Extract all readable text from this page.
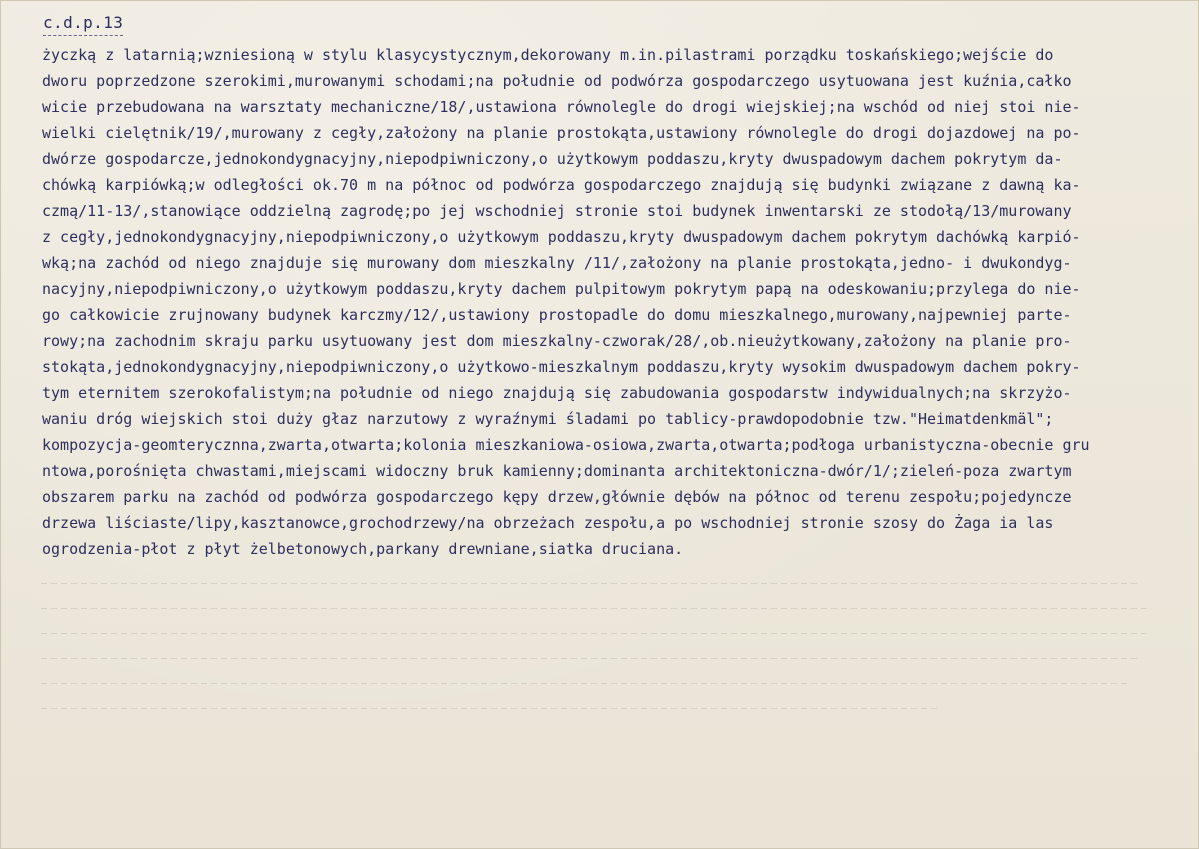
c.d.p.13
życzką z latarnią;wzniesioną w stylu klasycystycznym,dekorowany m.in.pilastrami porządku toskańskiego;wejście do
dworu poprzedzone szerokimi,murowanymi schodami;na południe od podwórza gospodarczego usytuowana jest kuźnia,całko
wicie przebudowana na warsztaty mechaniczne/18/,ustawiona równolegle do drogi wiejskiej;na wschód od niej stoi nie-
wielki cielętnik/19/,murowany z cegły,założony na planie prostokąta,ustawiony równolegle do drogi dojazdowej na po-
dwórze gospodarcze,jednokondygnacyjny,niepodpiwniczony,o użytkowym poddaszu,kryty dwuspadowym dachem pokrytym da-
chówką karpiówką;w odległości ok.70 m na północ od podwórza gospodarczego znajdują się budynki związane z dawną ka-
czmą/11-13/,stanowiące oddzielną zagrodę;po jej wschodniej stronie stoi budynek inwentarski ze stodołą/13/murowany
z cegły,jednokondygnacyjny,niepodpiwniczony,o użytkowym poddaszu,kryty dwuspadowym dachem pokrytym dachówką karpió-
wką;na zachód od niego znajduje się murowany dom mieszkalny /11/,założony na planie prostokąta,jedno- i dwukondyg-
nacyjny,niepodpiwniczony,o użytkowym poddaszu,kryty dachem pulpitowym pokrytym papą na odeskowaniu;przylega do nie-
go całkowicie zrujnowany budynek karczmy/12/,ustawiony prostopadle do domu mieszkalnego,murowany,najpewniej parte-
rowy;na zachodnim skraju parku usytuowany jest dom mieszkalny-czworak/28/,ob.nieużytkowany,założony na planie pro-
stokąta,jednokondygnacyjny,niepodpiwniczony,o użytkowo-mieszkalnym poddaszu,kryty wysokim dwuspadowym dachem pokry-
tym eternitem szerokofalistym;na południe od niego znajdują się zabudowania gospodarstw indywidualnych;na skrzyżo-
waniu dróg wiejskich stoi duży głaz narzutowy z wyraźnymi śladami po tablicy-prawdopodobnie tzw."Heimatdenkmäl";
kompozycja-geomterycznna,zwarta,otwarta;kolonia mieszkaniowa-osiowa,zwarta,otwarta;podłoga urbanistyczna-obecnie gru
ntowa,porośnięta chwastami,miejscami widoczny bruk kamienny;dominanta architektoniczna-dwór/1/;zieleń-poza zwartym
obszarem parku na zachód od podwórza gospodarczego kępy drzew,głównie dębów na północ od terenu zespołu;pojedyncze
drzewa liściaste/lipy,kasztanowce,grochodrzewy/na obrzeżach zespołu,a po wschodniej stronie szosy do Żaga ia las
ogrodzenia-płot z płyt żelbetonowych,parkany drewniane,siatka druciana.
